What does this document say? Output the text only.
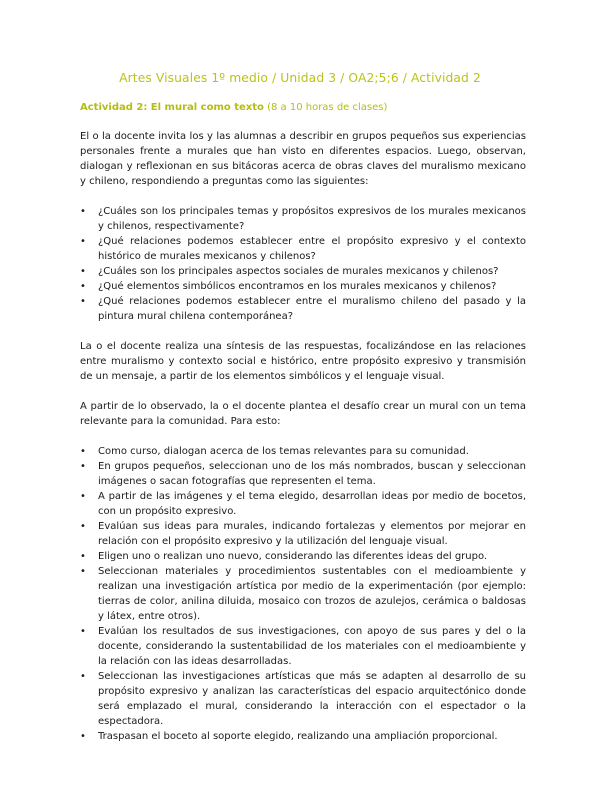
Artes Visuales 1º medio / Unidad 3 / OA2;5;6 / Actividad 2
Actividad 2: El mural como texto (8 a 10 horas de clases)

El o la docente invita los y las alumnas a describir en grupos pequeños sus experiencias personales frente a murales que han visto en diferentes espacios. Luego, observan, dialogan y reflexionan en sus bitácoras acerca de obras claves del muralismo mexicano y chileno, respondiendo a preguntas como las siguientes:

• ¿Cuáles son los principales temas y propósitos expresivos de los murales mexicanos y chilenos, respectivamente?
• ¿Qué relaciones podemos establecer entre el propósito expresivo y el contexto histórico de murales mexicanos y chilenos?
• ¿Cuáles son los principales aspectos sociales de murales mexicanos y chilenos?
• ¿Qué elementos simbólicos encontramos en los murales mexicanos y chilenos?
• ¿Qué relaciones podemos establecer entre el muralismo chileno del pasado y la pintura mural chilena contemporánea?

La o el docente realiza una síntesis de las respuestas, focalizándose en las relaciones entre muralismo y contexto social e histórico, entre propósito expresivo y transmisión de un mensaje, a partir de los elementos simbólicos y el lenguaje visual.

A partir de lo observado, la o el docente plantea el desafío crear un mural con un tema relevante para la comunidad. Para esto:

• Como curso, dialogan acerca de los temas relevantes para su comunidad.
• En grupos pequeños, seleccionan uno de los más nombrados, buscan y seleccionan imágenes o sacan fotografías que representen el tema.
• A partir de las imágenes y el tema elegido, desarrollan ideas por medio de bocetos, con un propósito expresivo.
• Evalúan sus ideas para murales, indicando fortalezas y elementos por mejorar en relación con el propósito expresivo y la utilización del lenguaje visual.
• Eligen uno o realizan uno nuevo, considerando las diferentes ideas del grupo.
• Seleccionan materiales y procedimientos sustentables con el medioambiente y realizan una investigación artística por medio de la experimentación (por ejemplo: tierras de color, anilina diluida, mosaico con trozos de azulejos, cerámica o baldosas y látex, entre otros).
• Evalúan los resultados de sus investigaciones, con apoyo de sus pares y del o la docente, considerando la sustentabilidad de los materiales con el medioambiente y la relación con las ideas desarrolladas.
• Seleccionan las investigaciones artísticas que más se adapten al desarrollo de su propósito expresivo y analizan las características del espacio arquitectónico donde será emplazado el mural, considerando la interacción con el espectador o la espectadora.
• Traspasan el boceto al soporte elegido, realizando una ampliación proporcional.
